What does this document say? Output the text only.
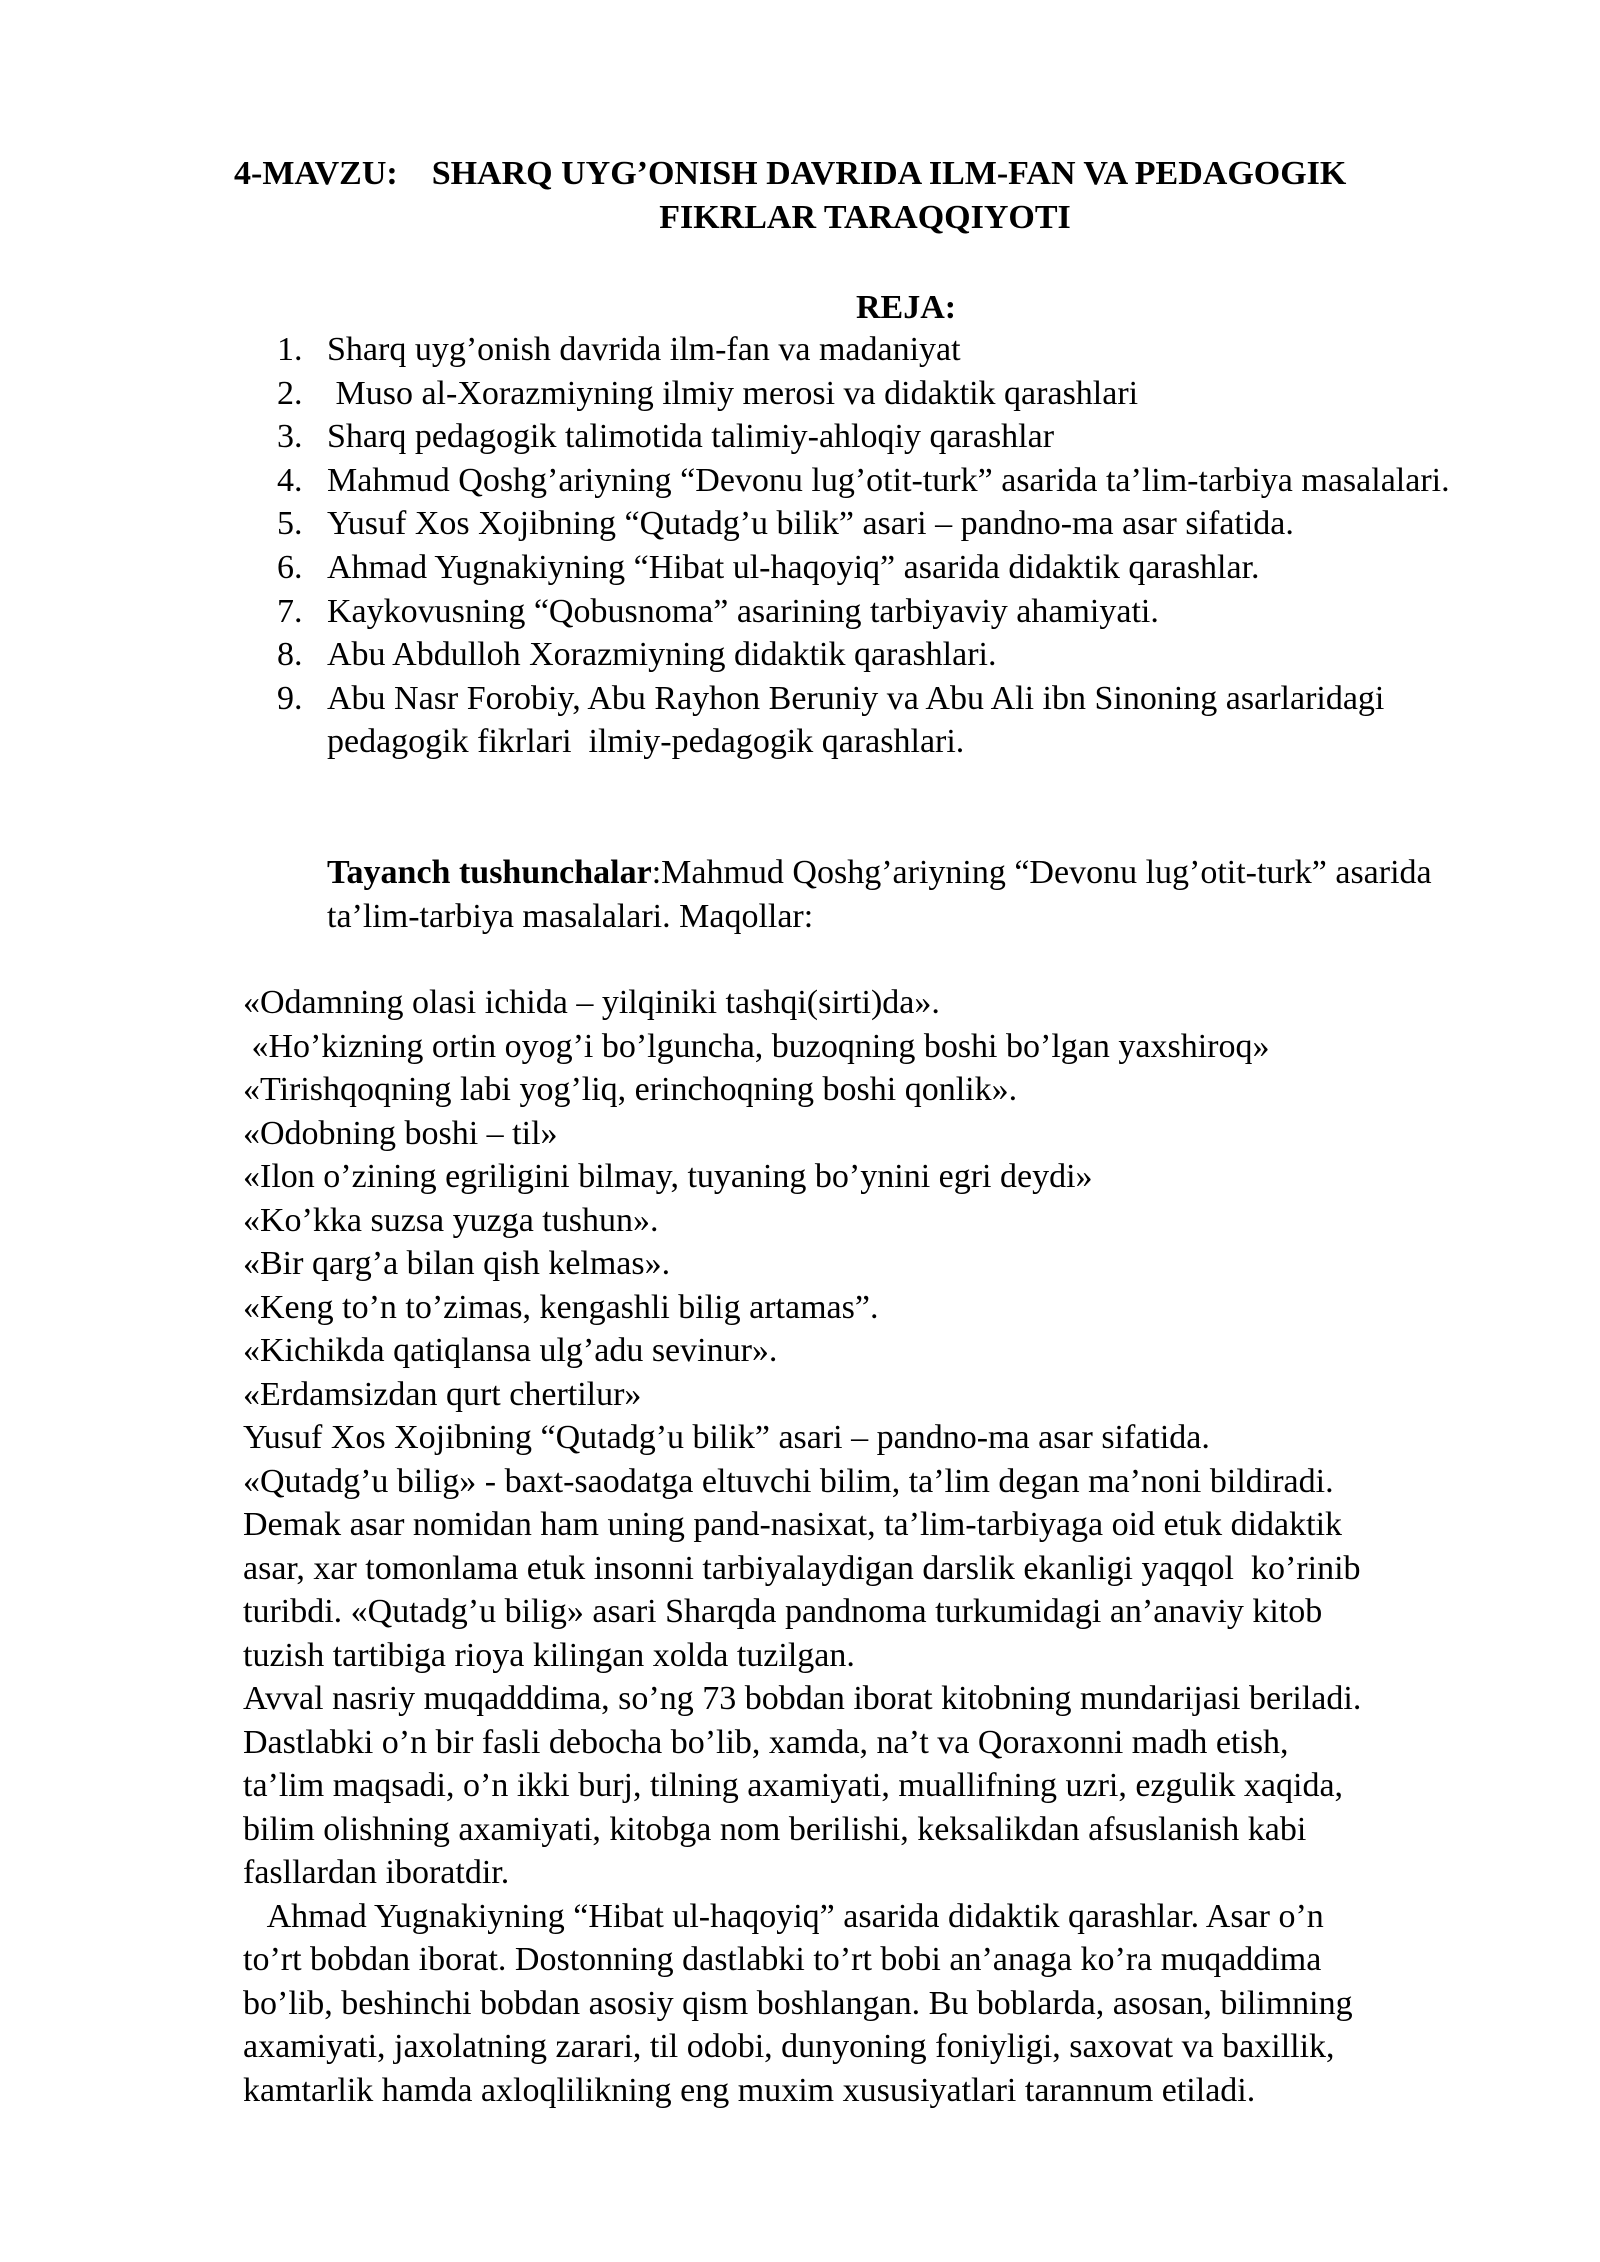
4-MAVZU:    SHARQ UYG’ONISH DAVRIDA ILM-FAN VA PEDAGOGIK
FIKRLAR TARAQQIYOTI
REJA:
1. Sharq uyg’onish davrida ilm-fan va madaniyat
2. Muso al-Xorazmiyning ilmiy merosi va didaktik qarashlari
3. Sharq pedagogik talimotida talimiy-ahloqiy qarashlar
4. Mahmud Qoshg’ariyning “Devonu lug’otit-turk” asarida ta’lim-tarbiya masalalari.
5. Yusuf Xos Xojibning “Qutadg’u bilik” asari – pandno-ma asar sifatida.
6. Ahmad Yugnakiyning “Hibat ul-haqoyiq” asarida didaktik qarashlar.
7. Kaykovusning “Qobusnoma” asarining tarbiyaviy ahamiyati.
8. Abu Abdulloh Xorazmiyning didaktik qarashlari.
9. Abu Nasr Forobiy, Abu Rayhon Beruniy va Abu Ali ibn Sinoning asarlaridagi pedagogik fikrlari  ilmiy-pedagogik qarashlari.
Tayanch tushunchalar:Mahmud Qoshg’ariyning “Devonu lug’otit-turk” asarida ta’lim-tarbiya masalalari. Maqollar:
«Odamning olasi ichida – yilqiniki tashqi(sirti)da».
«Ho’kizning ortin oyog’i bo’lguncha, buzoqning boshi bo’lgan yaxshiroq»
«Tirishqoqning labi yog’liq, erinchoqning boshi qonlik».
«Odobning boshi – til»
«Ilon o’zining egriligini bilmay, tuyaning bo’ynini egri deydi»
«Ko’kka suzsa yuzga tushun».
«Bir qarg’a bilan qish kelmas».
«Keng to’n to’zimas, kengashli bilig artamas”.
«Kichikda qatiqlansa ulg’adu sevinur».
«Erdamsizdan qurt chertilur»
Yusuf Xos Xojibning “Qutadg’u bilik” asari – pandno-ma asar sifatida.
«Qutadg’u bilig» - baxt-saodatga eltuvchi bilim, ta’lim degan ma’noni bildiradi.
Demak asar nomidan ham uning pand-nasixat, ta’lim-tarbiyaga oid etuk didaktik
asar, xar tomonlama etuk insonni tarbiyalaydigan darslik ekanligi yaqqol  ko’rinib
turibdi. «Qutadg’u bilig» asari Sharqda pandnoma turkumidagi an’anaviy kitob
tuzish tartibiga rioya kilingan xolda tuzilgan.
Avval nasriy muqadddima, so’ng 73 bobdan iborat kitobning mundarijasi beriladi.
Dastlabki o’n bir fasli debocha bo’lib, xamda, na’t va Qoraxonni madh etish,
ta’lim maqsadi, o’n ikki burj, tilning axamiyati, muallifning uzri, ezgulik xaqida,
bilim olishning axamiyati, kitobga nom berilishi, keksalikdan afsuslanish kabi
fasllardan iboratdir.
Ahmad Yugnakiyning “Hibat ul-haqoyiq” asarida didaktik qarashlar. Asar o’n
to’rt bobdan iborat. Dostonning dastlabki to’rt bobi an’anaga ko’ra muqaddima
bo’lib, beshinchi bobdan asosiy qism boshlangan. Bu boblarda, asosan, bilimning
axamiyati, jaxolatning zarari, til odobi, dunyoning foniyligi, saxovat va baxillik,
kamtarlik hamda axloqlilikning eng muxim xususiyatlari tarannum etiladi.
